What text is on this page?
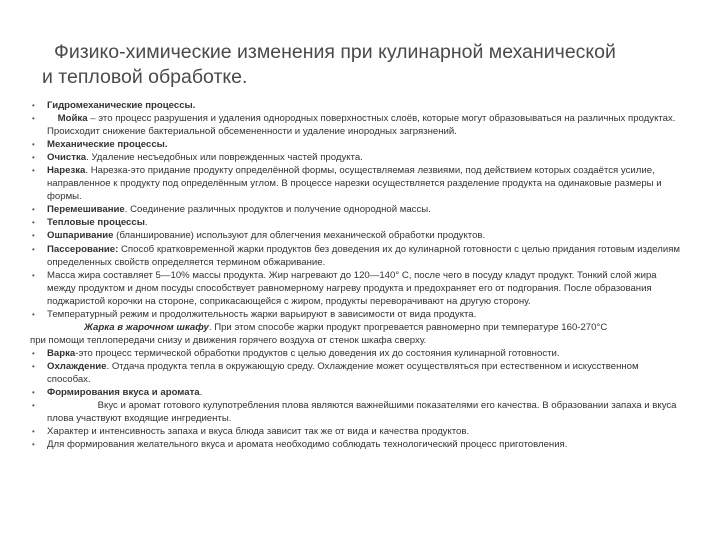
Физико-химические изменения при кулинарной механической
и тепловой обработке.

• Гидромеханические процессы.

• Мойка – это процесс разрушения и удаления однородных поверхностных слоёв, которые могут образовываться на различных продуктах. Происходит снижение бактериальной обсемененности и удаление инородных загрязнений.

• Механические процессы.

• Очистка. Удаление несъедобных или поврежденных частей продукта.

• Нарезка. Нарезка-это придание продукту определённой формы, осуществляемая лезвиями, под действием которых создаётся усилие, направленное к продукту под определённым углом. В процессе нарезки осуществляется разделение продукта на одинаковые размеры и формы.

• Перемешивание. Соединение различных продуктов и получение однородной массы.

• Тепловые процессы.

• Ошпаривание (бланширование) используют для облегчения механической обработки продуктов.

• Пассерование: Способ кратковременной жарки продуктов без доведения их до кулинарной готовности с целью придания готовым изделиям определенных свойств определяется термином обжаривание.

• Масса жира составляет 5—10% массы продукта. Жир нагревают до 120—140° С, после чего в посуду кладут продукт. Тонкий слой жира между продуктом и дном посуды способствует равномерному нагреву продукта и предохраняет его от подгорания. После образования поджаристой корочки на стороне, соприкасающейся с жиром, продукты переворачивают на другую сторону.

• Температурный режим и продолжительность жарки варьируют в зависимости от вида продукта.

Жарка в жарочном шкафу. При этом способе жарки продукт прогревается равномерно при температуре 160-270°С

при помощи теплопередачи снизу и движения горячего воздуха от стенок шкафа сверху.

• Варка-это процесс термической обработки продуктов с целью доведения их до состояния кулинарной готовности.

• Охлаждение. Отдача продукта тепла в окружающую среду. Охлаждение может осуществляться при естественном и искусственном способах.

• Формирования вкуса и аромата.

•	Вкус и аромат готового кулупотребления плова являются важнейшими показателями его качества. В образовании запаха и вкуса плова участвуют входящие ингредиенты.

• Характер и интенсивность запаха и вкуса блюда зависит так же от вида и качества продуктов.

• Для формирования желательного вкуса и аромата необходимо соблюдать технологический процесс приготовления.
